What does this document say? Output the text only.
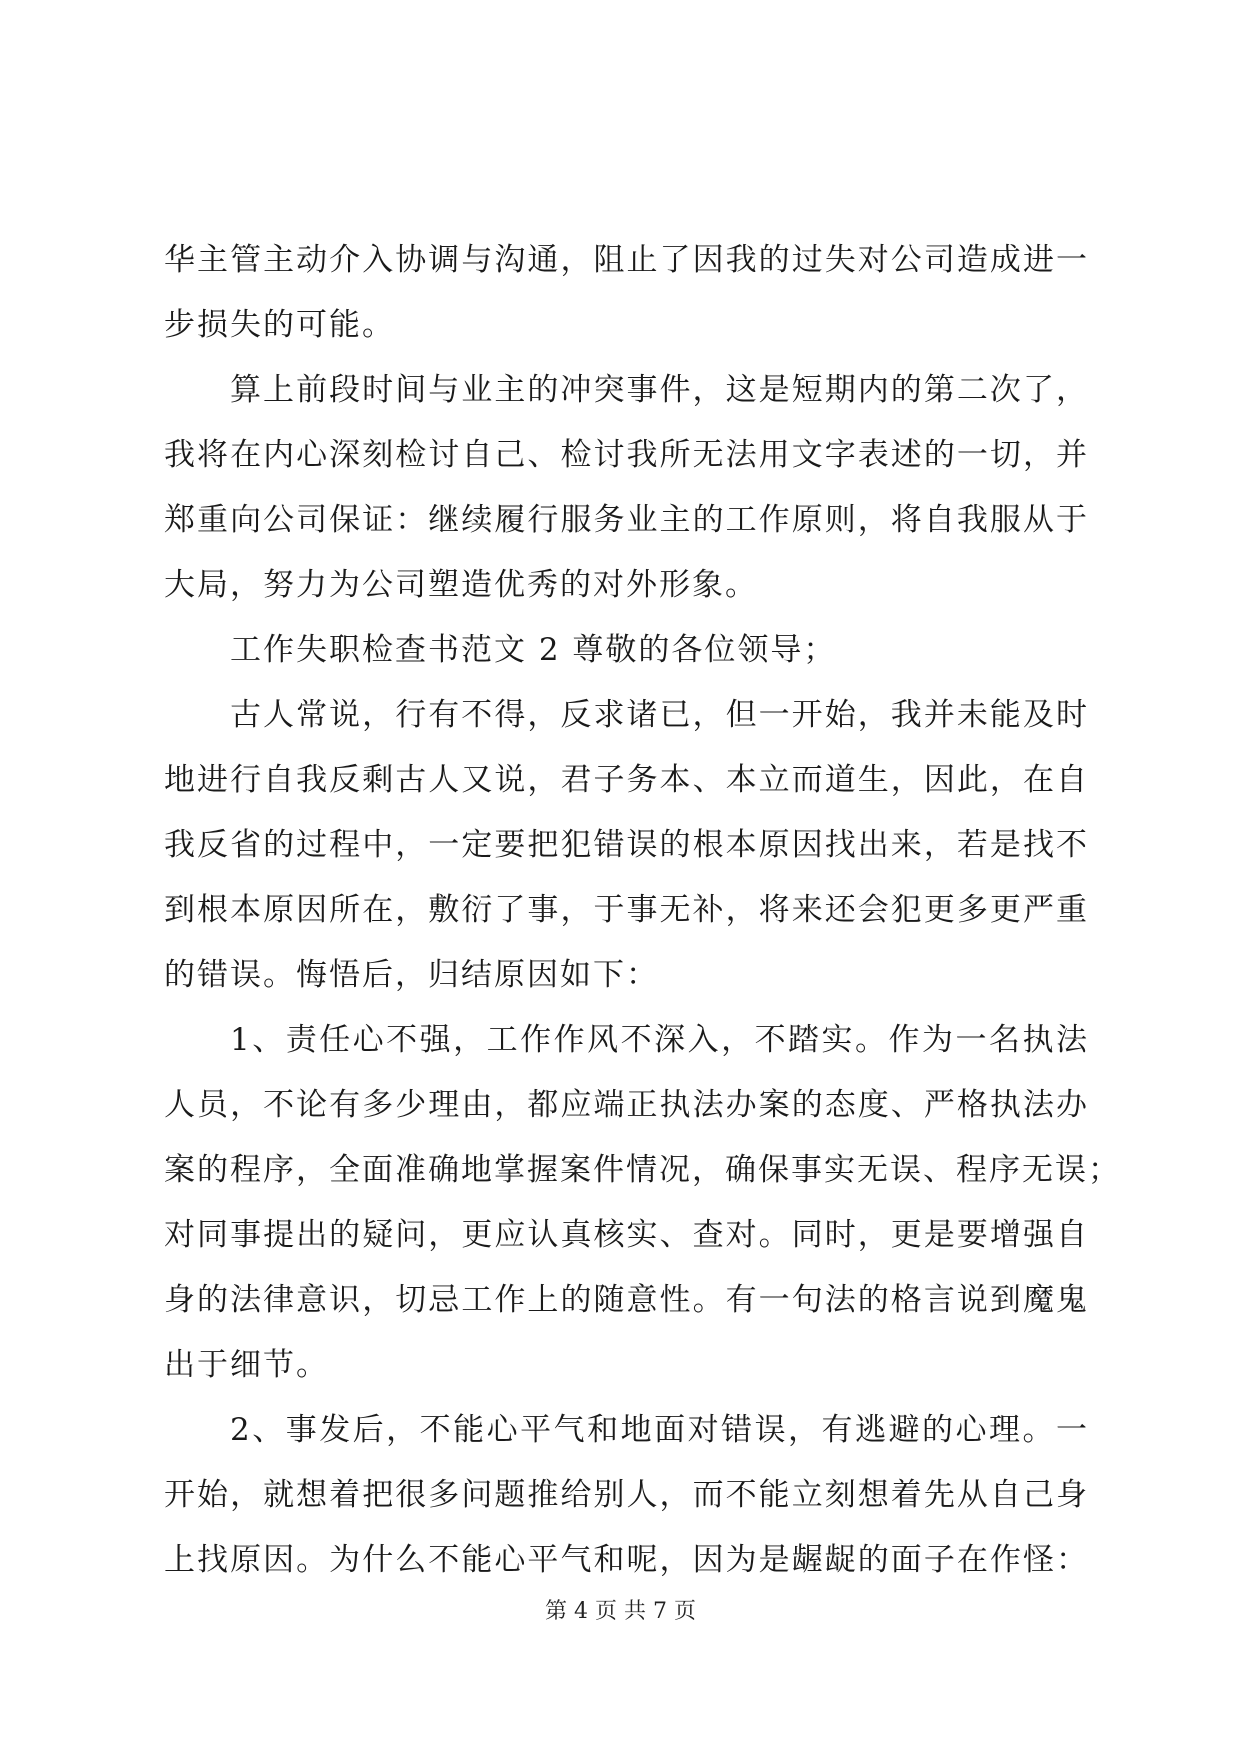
华主管主动介入协调与沟通，阻止了因我的过失对公司造成进一
步损失的可能。
算上前段时间与业主的冲突事件，这是短期内的第二次了，
我将在内心深刻检讨自己、检讨我所无法用文字表述的一切，并
郑重向公司保证：继续履行服务业主的工作原则，将自我服从于
大局，努力为公司塑造优秀的对外形象。
工作失职检查书范文 2 尊敬的各位领导；
古人常说，行有不得，反求诸已，但一开始，我并未能及时
地进行自我反剩古人又说，君子务本、本立而道生，因此，在自
我反省的过程中，一定要把犯错误的根本原因找出来，若是找不
到根本原因所在，敷衍了事，于事无补，将来还会犯更多更严重
的错误。悔悟后，归结原因如下：
1、责任心不强，工作作风不深入，不踏实。作为一名执法
人员，不论有多少理由，都应端正执法办案的态度、严格执法办
案的程序，全面准确地掌握案件情况，确保事实无误、程序无误；
对同事提出的疑问，更应认真核实、查对。同时，更是要增强自
身的法律意识，切忌工作上的随意性。有一句法的格言说到魔鬼
出于细节。
2、事发后，不能心平气和地面对错误，有逃避的心理。一
开始，就想着把很多问题推给别人，而不能立刻想着先从自己身
上找原因。为什么不能心平气和呢，因为是龌龊的面子在作怪：
第 4 页 共 7 页
